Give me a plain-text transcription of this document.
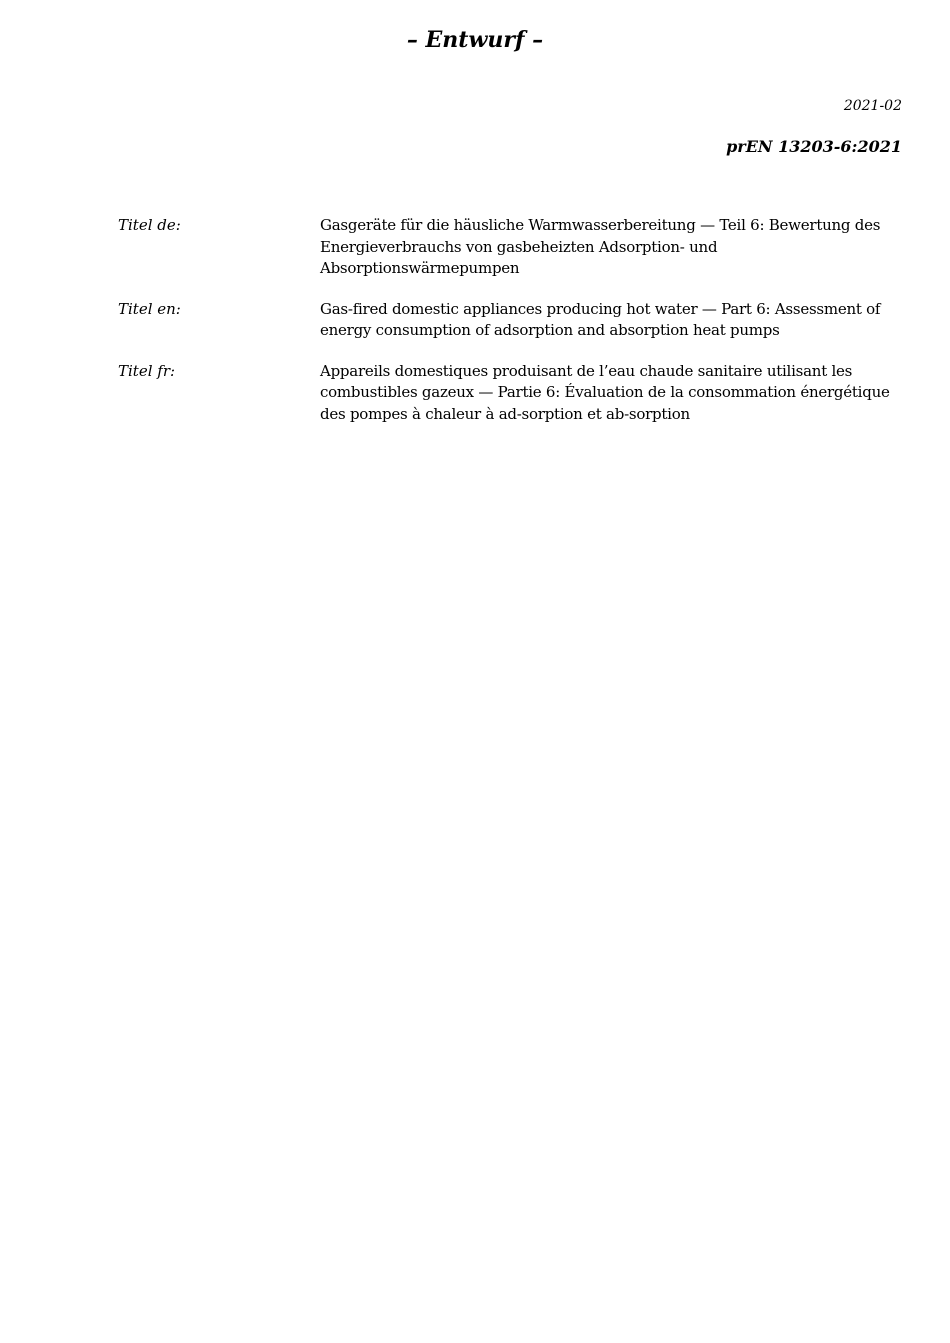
– Entwurf –
2021-02
prEN 13203-6:2021
Titel de:	Gasgeräte für die häusliche Warmwasserbereitung — Teil 6: Bewertung des Energieverbrauchs von gasbeheizten Adsorption- und Absorptionswärmepumpen
Titel en:	Gas-fired domestic appliances producing hot water — Part 6: Assessment of energy consumption of adsorption and absorption heat pumps
Titel fr:	Appareils domestiques produisant de l’eau chaude sanitaire utilisant les combustibles gazeux — Partie 6: Évaluation de la consommation énergétique des pompes à chaleur à ad-sorption et ab-sorption
